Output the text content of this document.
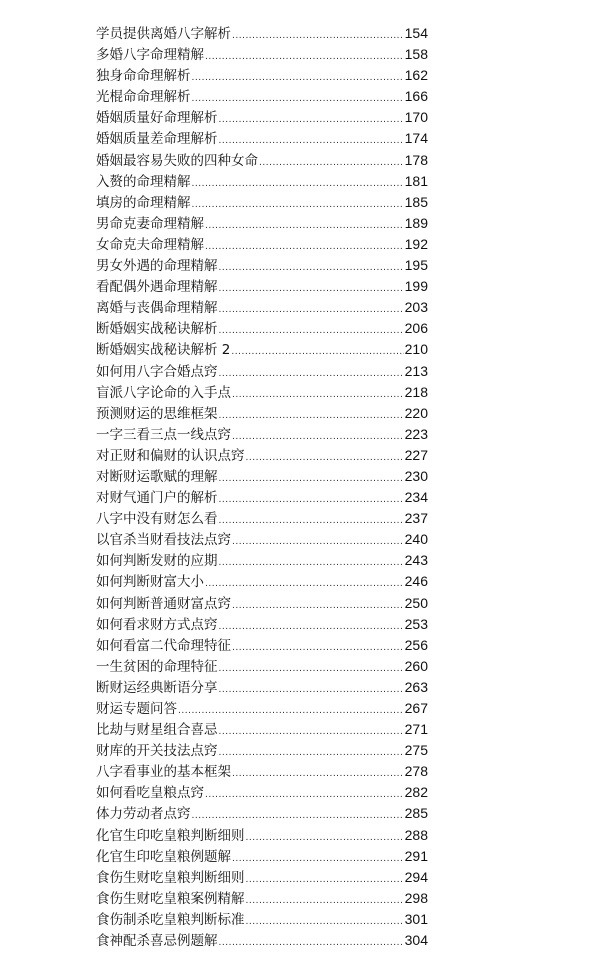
学员提供离婚八字解析 .....	154
多婚八字命理精解 .....	158
独身命命理解析 .....	162
光棍命命理解析 .....	166
婚姻质量好命理解析 .....	170
婚姻质量差命理解析 .....	174
婚姻最容易失败的四种女命 .....	178
入赘的命理精解 .....	181
填房的命理精解 .....	185
男命克妻命理精解 .....	189
女命克夫命理精解 .....	192
男女外遇的命理精解 .....	195
看配偶外遇命理精解 .....	199
离婚与丧偶命理精解 .....	203
断婚姻实战秘诀解析 .....	206
断婚姻实战秘诀解析 2 .....	210
如何用八字合婚点窍 .....	213
盲派八字论命的入手点 .....	218
预测财运的思维框架 .....	220
一字三看三点一线点窍 .....	223
对正财和偏财的认识点窍 .....	227
对断财运歌赋的理解 .....	230
对财气通门户的解析 .....	234
八字中没有财怎么看 .....	237
以官杀当财看技法点窍 .....	240
如何判断发财的应期 .....	243
如何判断财富大小 .....	246
如何判断普通财富点窍 .....	250
如何看求财方式点窍 .....	253
如何看富二代命理特征 .....	256
一生贫困的命理特征 .....	260
断财运经典断语分享 .....	263
财运专题问答 .....	267
比劫与财星组合喜忌 .....	271
财库的开关技法点窍 .....	275
八字看事业的基本框架 .....	278
如何看吃皇粮点窍 .....	282
体力劳动者点窍 .....	285
化官生印吃皇粮判断细则 .....	288
化官生印吃皇粮例题解 .....	291
食伤生财吃皇粮判断细则 .....	294
食伤生财吃皇粮案例精解 .....	298
食伤制杀吃皇粮判断标准 .....	301
食神配杀喜忌例题解 .....	304
